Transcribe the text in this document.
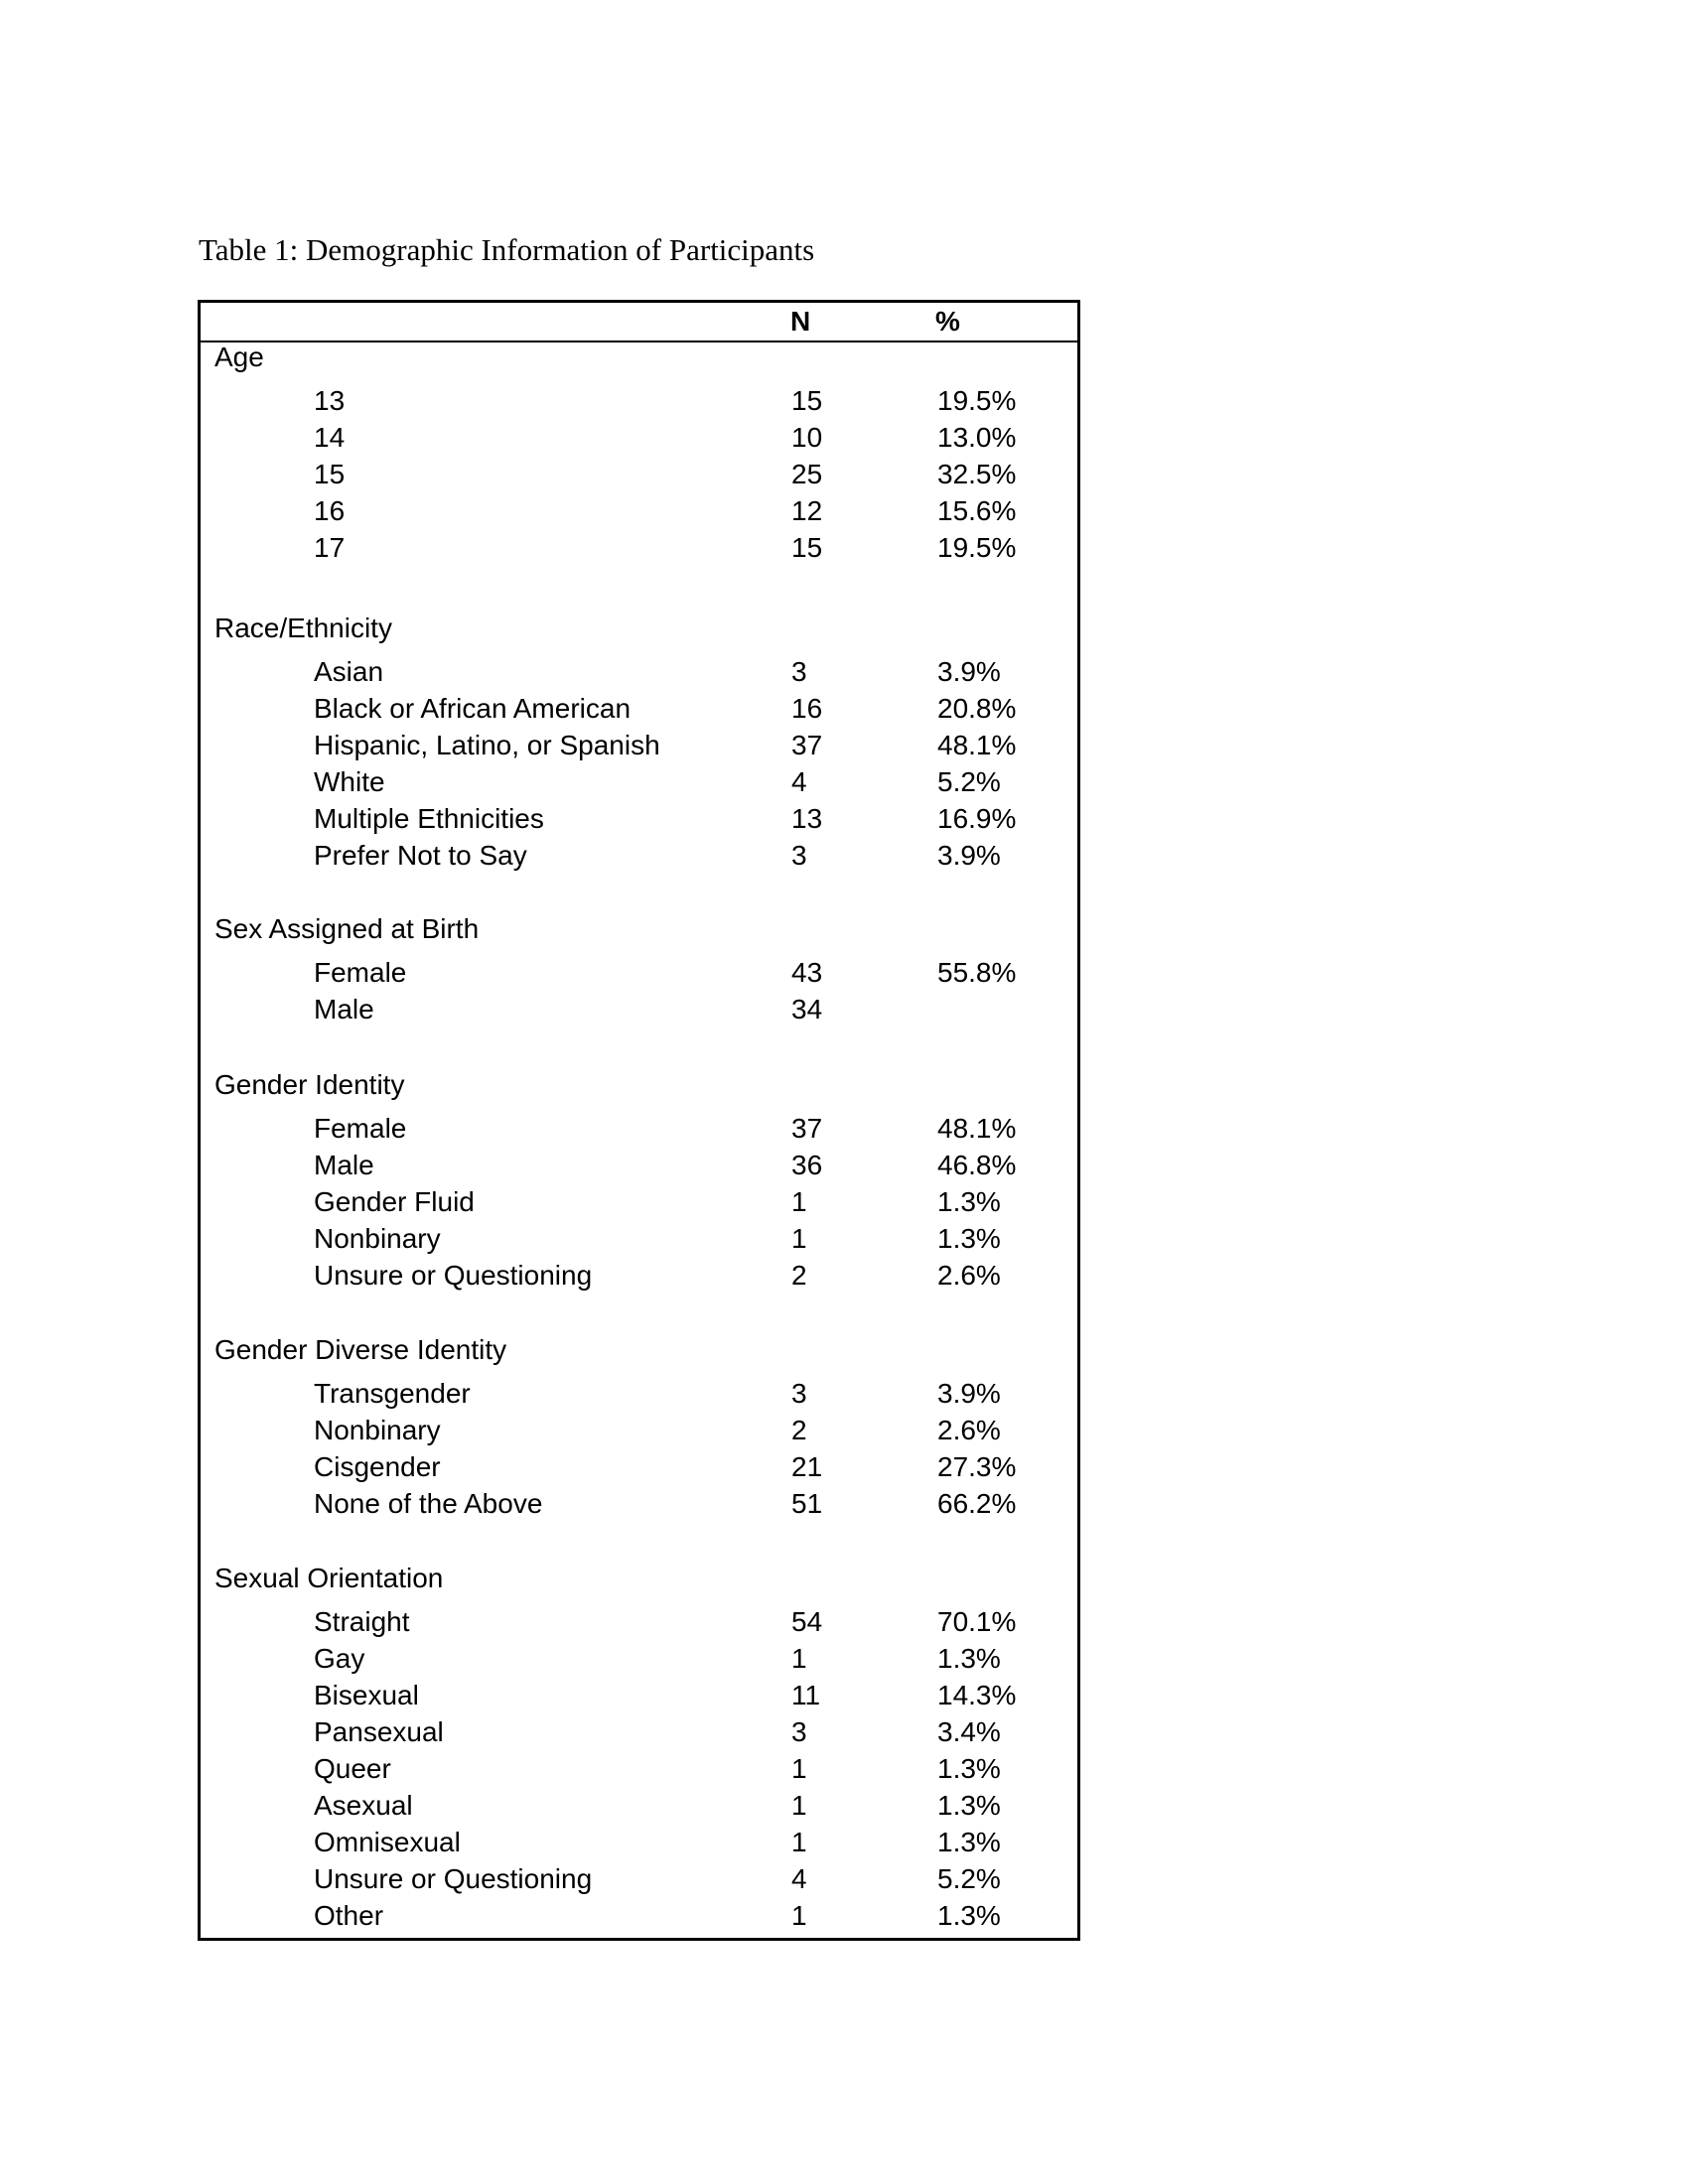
Table 1: Demographic Information of Participants
N	%
Age
13	15	19.5%
14	10	13.0%
15	25	32.5%
16	12	15.6%
17	15	19.5%
Race/Ethnicity
Asian	3	3.9%
Black or African American	16	20.8%
Hispanic, Latino, or Spanish	37	48.1%
White	4	5.2%
Multiple Ethnicities	13	16.9%
Prefer Not to Say	3	3.9%
Sex Assigned at Birth
Female	43	55.8%
Male	34
Gender Identity
Female	37	48.1%
Male	36	46.8%
Gender Fluid	1	1.3%
Nonbinary	1	1.3%
Unsure or Questioning	2	2.6%
Gender Diverse Identity
Transgender	3	3.9%
Nonbinary	2	2.6%
Cisgender	21	27.3%
None of the Above	51	66.2%
Sexual Orientation
Straight	54	70.1%
Gay	1	1.3%
Bisexual	11	14.3%
Pansexual	3	3.4%
Queer	1	1.3%
Asexual	1	1.3%
Omnisexual	1	1.3%
Unsure or Questioning	4	5.2%
Other	1	1.3%
